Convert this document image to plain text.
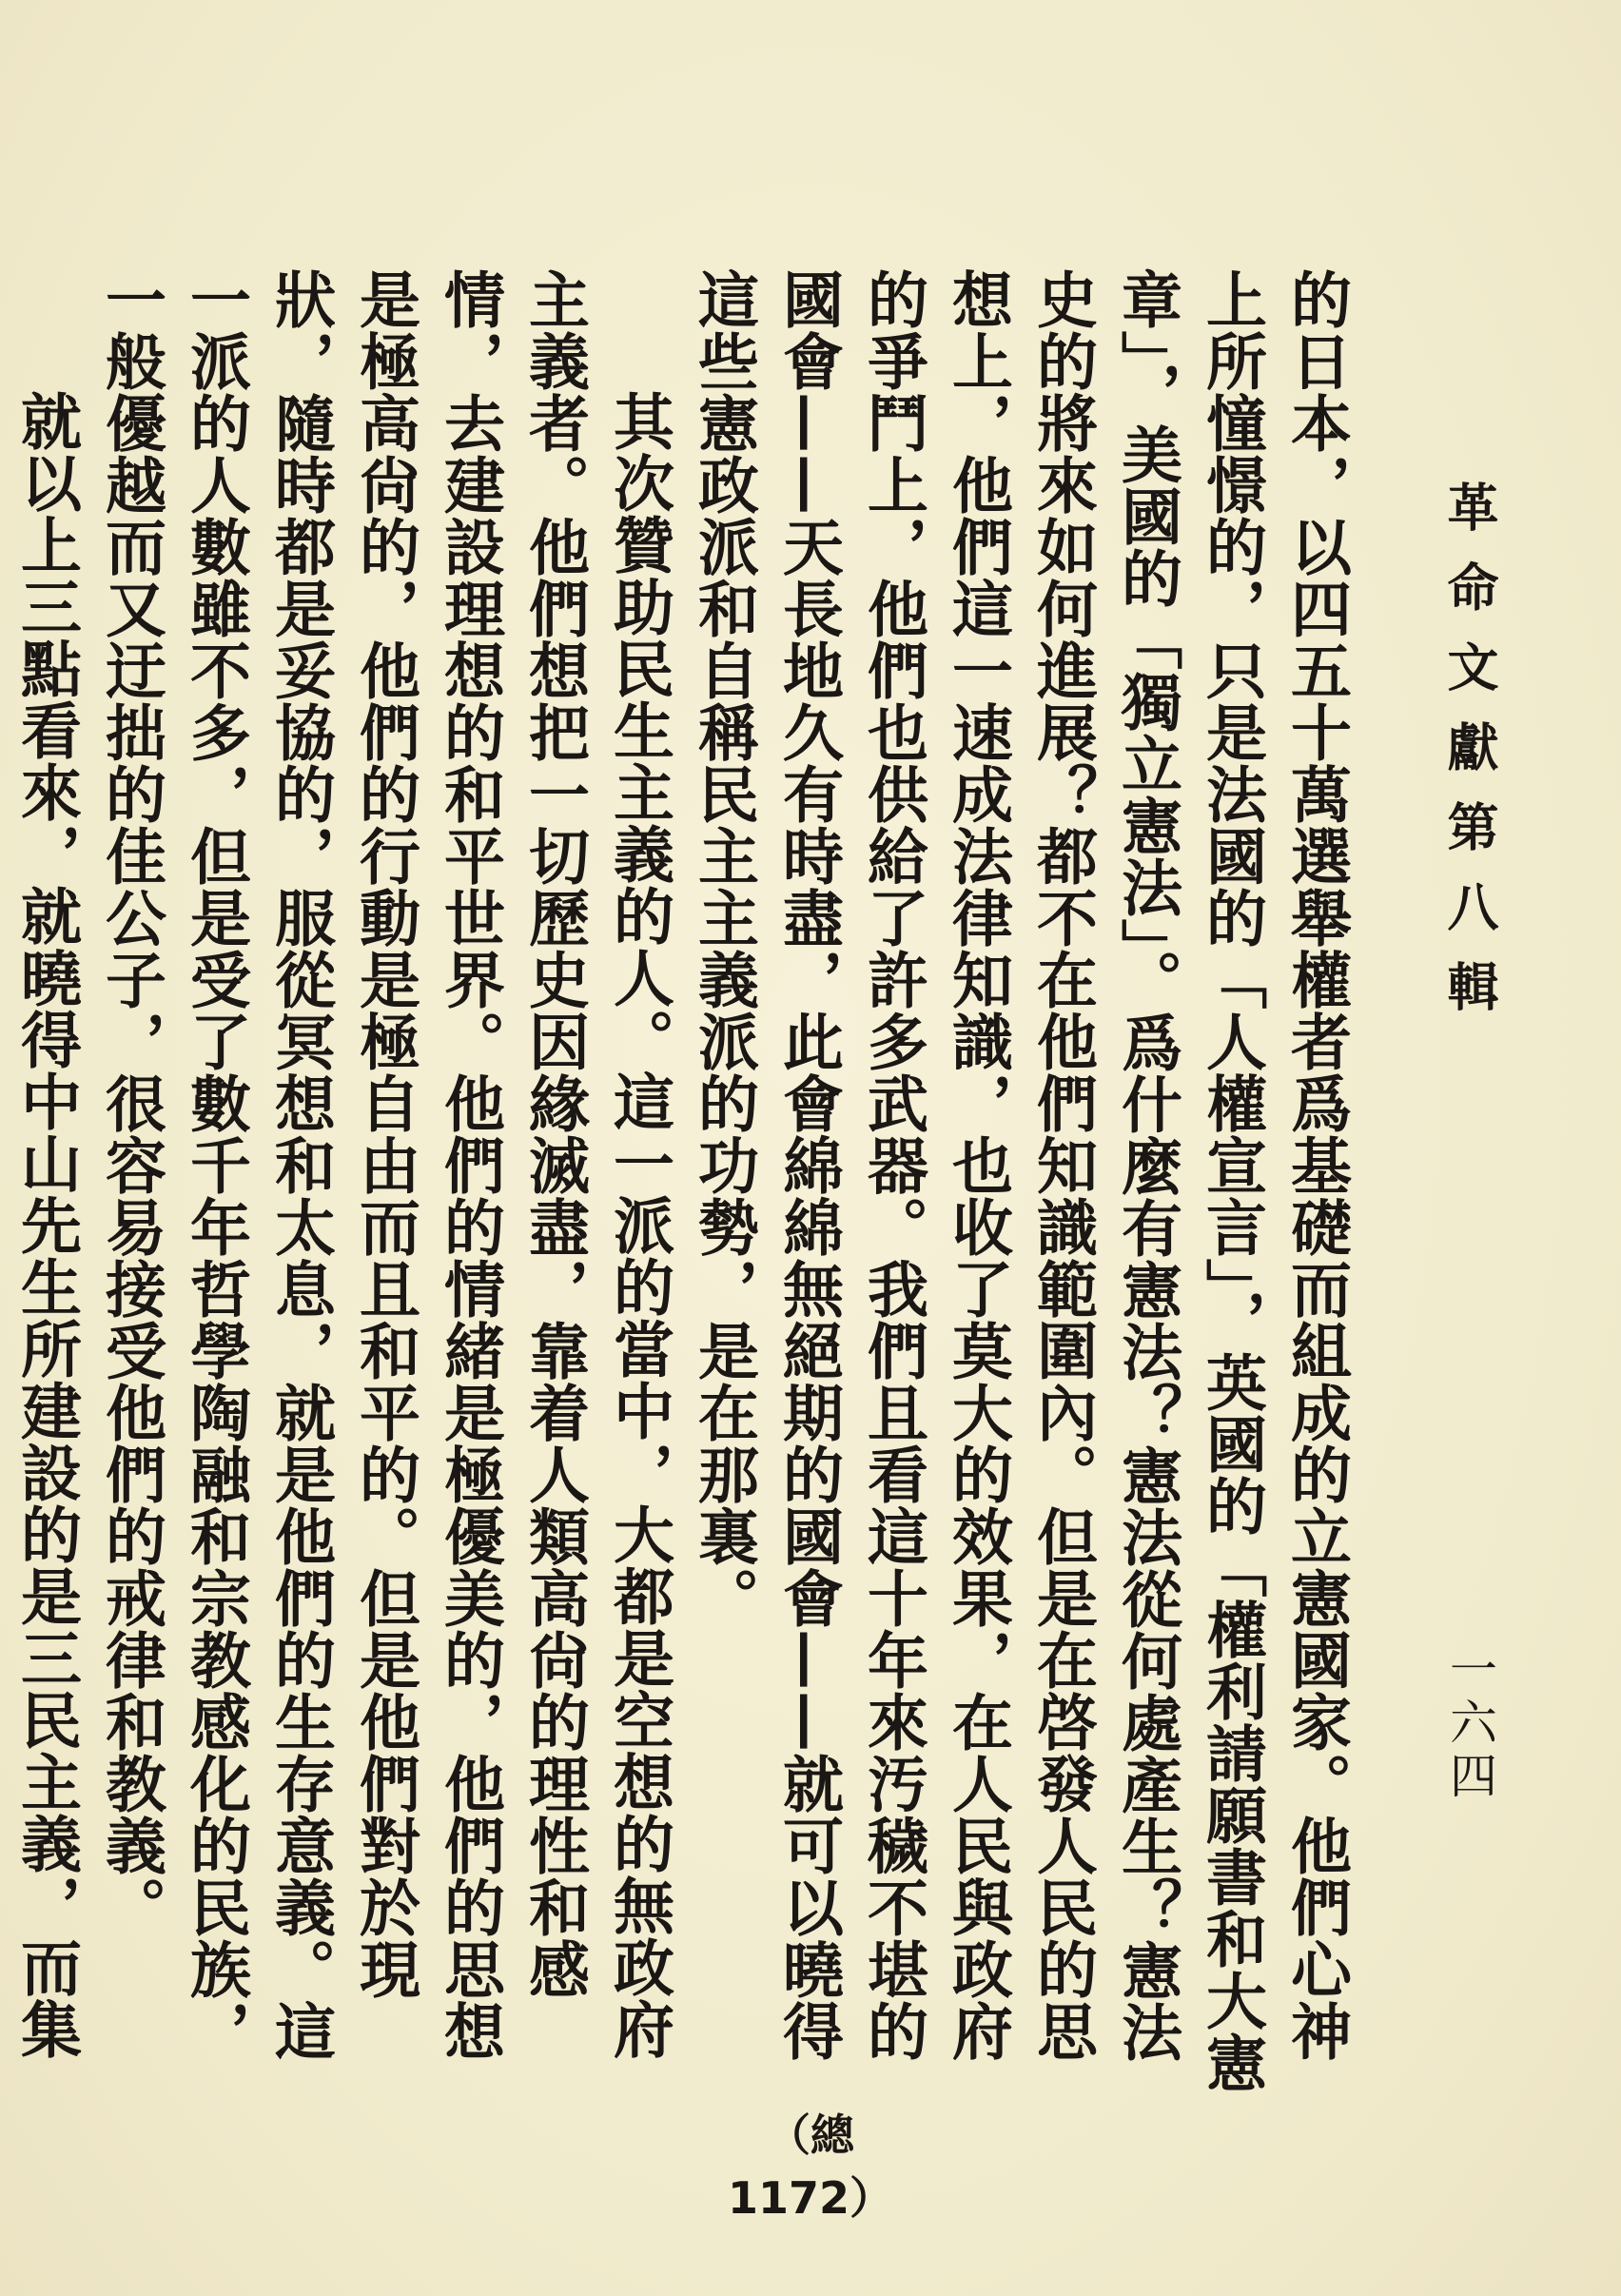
革命文獻第八輯
一六四

的日本，以四五十萬選舉權者爲基礎而組成的立憲國家。他們心神上所憧憬的，只是法國的「人權宣言」，英國的「權利請願書和大憲章」，美國的「獨立憲法」。爲什麼有憲法？憲法從何處產生？憲法史的將來如何進展？都不在他們知識範圍內。但是在啓發人民的思想上，他們這一速成法律知識，也收了莫大的效果，在人民與政府的爭鬥上，他們也供給了許多武器。我們且看這十年來汚穢不堪的國會——天長地久有時盡，此會綿綿無絕期的國會——就可以曉得這些憲政派和自稱民主主義派的功勢，是在那裏。

其次贊助民生主義的人。這一派的當中，大都是空想的無政府主義者。他們想把一切歷史因緣滅盡，靠着人類高尙的理性和感情，去建設理想的和平世界。他們的情緒是極優美的，他們的思想是極高尙的，他們的行動是極自由而且和平的。但是他們對於現狀，隨時都是妥協的，服從冥想和太息，就是他們的生存意義。這一派的人數雖不多，但是受了數千年哲學陶融和宗教感化的民族，一般優越而又迂拙的佳公子，很容易接受他們的戒律和教義。

就以上三點看來，就曉得中山先生所建設的是三民主義，而集

（總1172）
